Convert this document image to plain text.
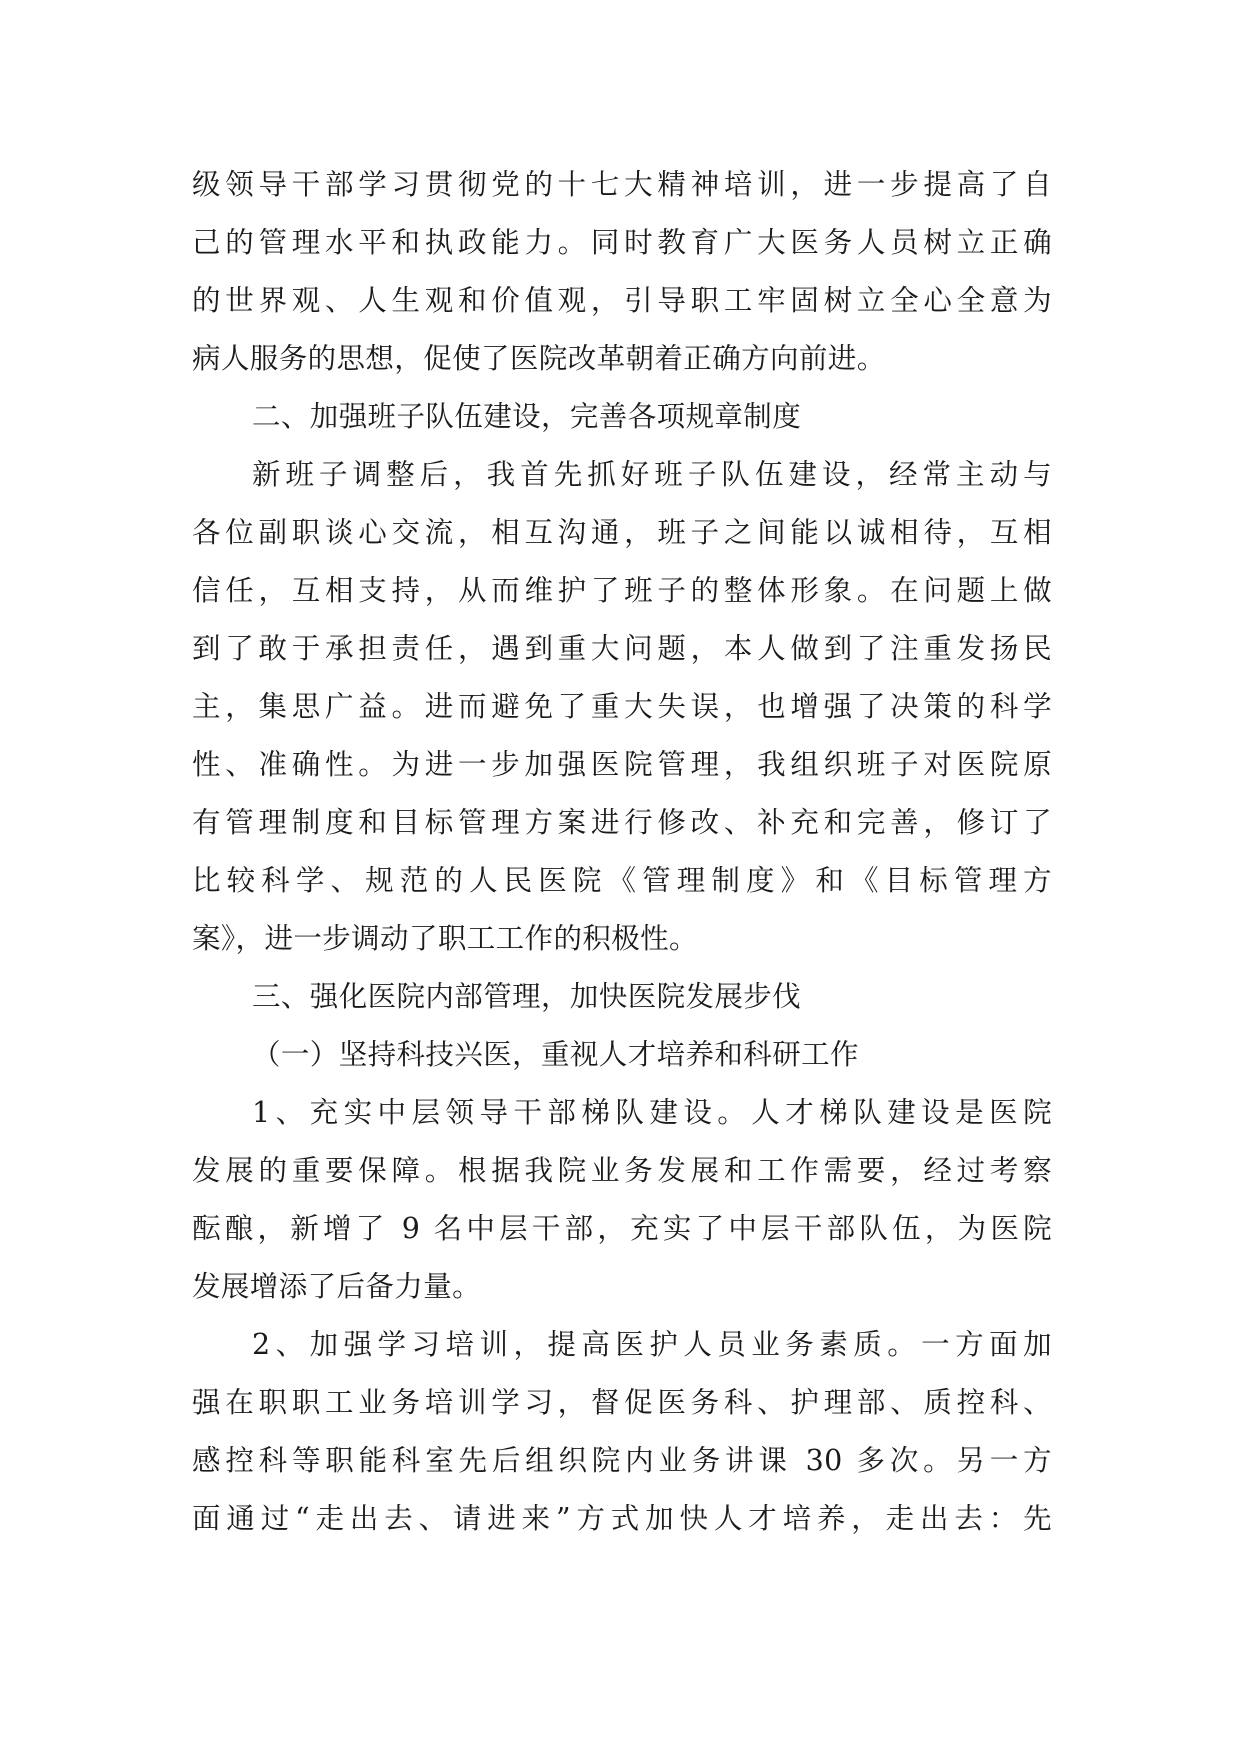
级领导干部学习贯彻党的十七大精神培训，进一步提高了自
己的管理水平和执政能力。同时教育广大医务人员树立正确
的世界观、人生观和价值观，引导职工牢固树立全心全意为
病人服务的思想，促使了医院改革朝着正确方向前进。
二、加强班子队伍建设，完善各项规章制度
新班子调整后，我首先抓好班子队伍建设，经常主动与
各位副职谈心交流，相互沟通，班子之间能以诚相待，互相
信任，互相支持，从而维护了班子的整体形象。在问题上做
到了敢于承担责任，遇到重大问题，本人做到了注重发扬民
主，集思广益。进而避免了重大失误，也增强了决策的科学
性、准确性。为进一步加强医院管理，我组织班子对医院原
有管理制度和目标管理方案进行修改、补充和完善，修订了
比较科学、规范的人民医院《管理制度》和《目标管理方
案》，进一步调动了职工工作的积极性。
三、强化医院内部管理，加快医院发展步伐
（一）坚持科技兴医，重视人才培养和科研工作
1、充实中层领导干部梯队建设。人才梯队建设是医院
发展的重要保障。根据我院业务发展和工作需要，经过考察
酝酿，新增了 9 名中层干部，充实了中层干部队伍，为医院
发展增添了后备力量。
2、加强学习培训，提高医护人员业务素质。一方面加
强在职职工业务培训学习，督促医务科、护理部、质控科、
感控科等职能科室先后组织院内业务讲课 30 多次。另一方
面通过“走出去、请进来”方式加快人才培养，走出去：先
